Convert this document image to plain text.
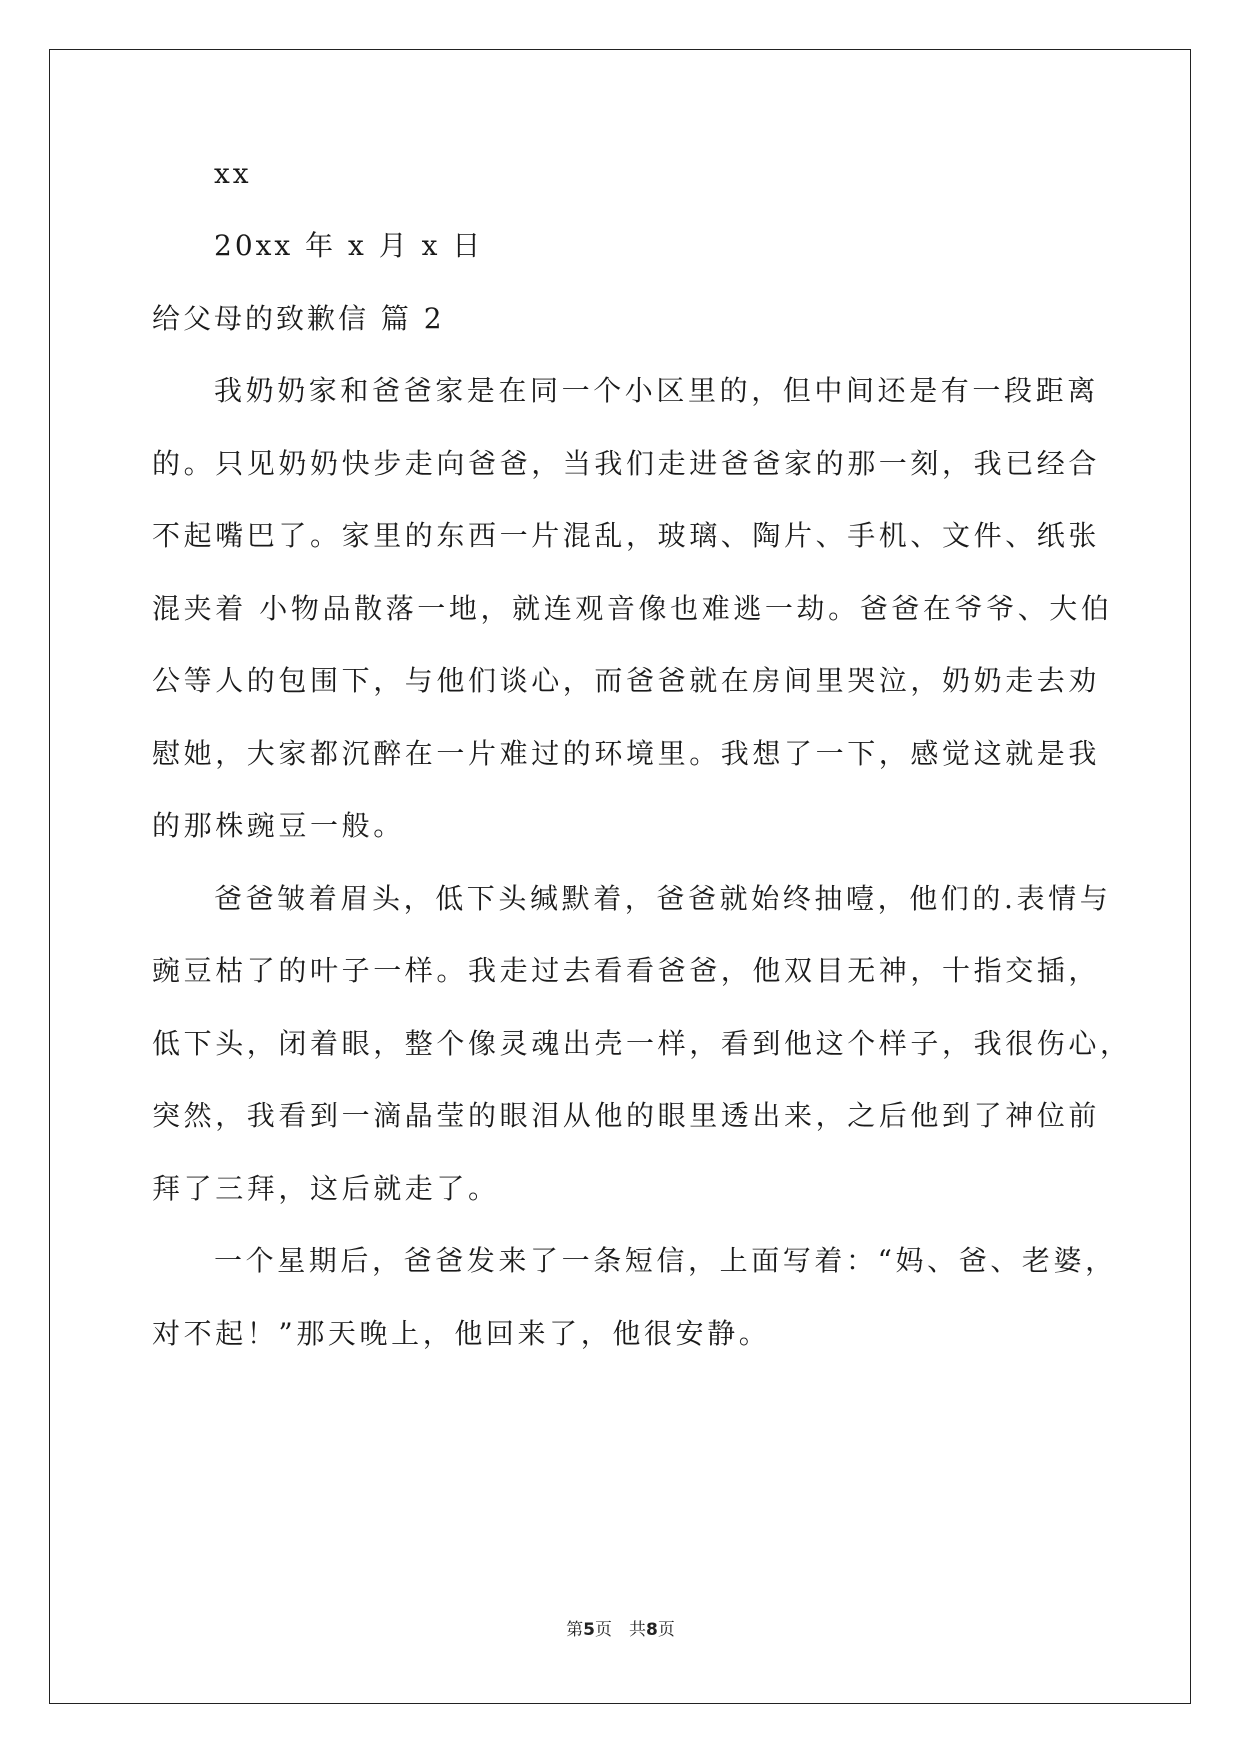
xx
20xx 年 x 月 x 日
给父母的致歉信 篇 2
我奶奶家和爸爸家是在同一个小区里的，但中间还是有一段距离
的。只见奶奶快步走向爸爸，当我们走进爸爸家的那一刻，我已经合
不起嘴巴了。家里的东西一片混乱，玻璃、陶片、手机、文件、纸张
混夹着 小物品散落一地，就连观音像也难逃一劫。爸爸在爷爷、大伯
公等人的包围下，与他们谈心，而爸爸就在房间里哭泣，奶奶走去劝
慰她，大家都沉醉在一片难过的环境里。我想了一下，感觉这就是我
的那株豌豆一般。
爸爸皱着眉头，低下头缄默着，爸爸就始终抽噎，他们的.表情与
豌豆枯了的叶子一样。我走过去看看爸爸，他双目无神，十指交插，
低下头，闭着眼，整个像灵魂出壳一样，看到他这个样子，我很伤心，
突然，我看到一滴晶莹的眼泪从他的眼里透出来，之后他到了神位前
拜了三拜，这后就走了。
一个星期后，爸爸发来了一条短信，上面写着：“妈、爸、老婆，
对不起！”那天晚上，他回来了，他很安静。
第5页　共8页
